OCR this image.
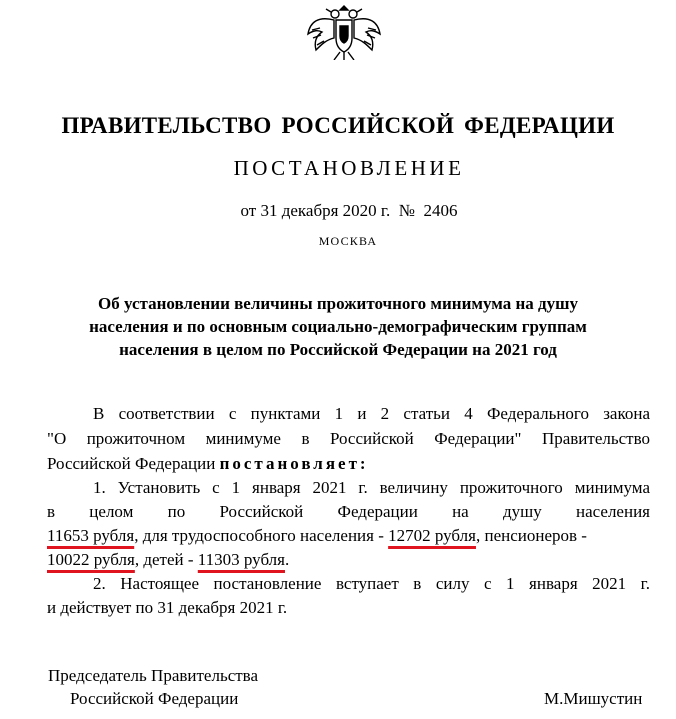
ПРАВИТЕЛЬСТВО РОССИЙСКОЙ ФЕДЕРАЦИИ
ПОСТАНОВЛЕНИЕ
от 31 декабря 2020 г.  №  2406
МОСКВА
Об установлении величины прожиточного минимума на душу
населения и по основным социально-демографическим группам
населения в целом по Российской Федерации на 2021 год
В соответствии с пунктами 1 и 2 статьи 4 Федерального закона
"О прожиточном минимуме в Российской Федерации" Правительство
Российской Федерации постановляет:
1. Установить с 1 января 2021 г. величину прожиточного минимума
в целом по Российской Федерации на душу населения
11653 рубля, для трудоспособного населения - 12702 рубля, пенсионеров -
10022 рубля, детей - 11303 рубля.
2. Настоящее постановление вступает в силу с 1 января 2021 г.
и действует по 31 декабря 2021 г.
Председатель Правительства
Российской Федерации	М.Мишустин
